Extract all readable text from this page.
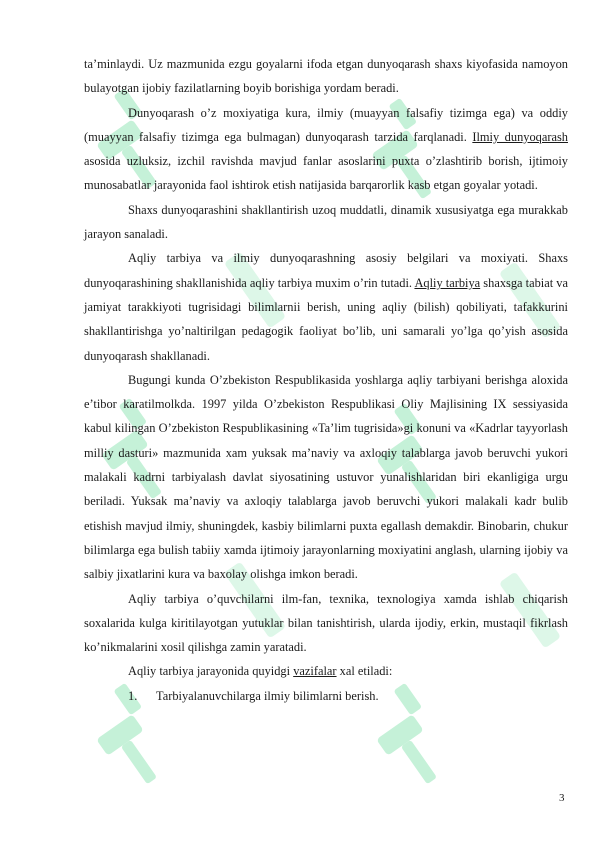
ta’minlaydi. Uz mazmunida ezgu goyalarni ifoda etgan dunyoqarash shaxs kiyofasida namoyon bulayotgan ijobiy fazilatlarning boyib borishiga yordam beradi.

Dunyoqarash o’z moxiyatiga kura, ilmiy (muayyan falsafiy tizimga ega) va oddiy (muayyan falsafiy tizimga ega bulmagan) dunyoqarash tarzida farqlanadi. Ilmiy dunyoqarash asosida uzluksiz, izchil ravishda mavjud fanlar asoslarini puxta o’zlashtirib borish, ijtimoiy munosabatlar jarayonida faol ishtirok etish natijasida barqarorlik kasb etgan goyalar yotadi.

Shaxs dunyoqarashini shakllantirish uzoq muddatli, dinamik xususiyatga ega murakkab jarayon sanaladi.

Aqliy tarbiya va ilmiy dunyoqarashning asosiy belgilari va moxiyati. Shaxs dunyoqarashining shakllanishida aqliy tarbiya muxim o’rin tutadi. Aqliy tarbiya shaxsga tabiat va jamiyat tarakkiyoti tugrisidagi bilimlarnii berish, uning aqliy (bilish) qobiliyati, tafakkurini shakllantirishga yo’naltirilgan pedagogik faoliyat bo’lib, uni samarali yo’lga qo’yish asosida dunyoqarash shakllanadi.

Bugungi kunda O’zbekiston Respublikasida yoshlarga aqliy tarbiyani berishga aloxida e’tibor karatilmolkda. 1997 yilda O’zbekiston Respublikasi Oliy Majlisining IX sessiyasida kabul kilingan O’zbekiston Respublikasining «Ta’lim tugrisida»gi konuni va «Kadrlar tayyorlash milliy dasturi» mazmunida xam yuksak ma’naviy va axloqiy talablarga javob beruvchi yukori malakali kadrni tarbiyalash davlat siyosatining ustuvor yunalishlaridan biri ekanligiga urgu beriladi. Yuksak ma’naviy va axloqiy talablarga javob beruvchi yukori malakali kadr bulib etishish mavjud ilmiy, shuningdek, kasbiy bilimlarni puxta egallash demakdir. Binobarin, chukur bilimlarga ega bulish tabiiy xamda ijtimoiy jarayonlarning moxiyatini anglash, ularning ijobiy va salbiy jixatlarini kura va baxolay olishga imkon beradi.

Aqliy tarbiya o’quvchilarni ilm-fan, texnika, texnologiya xamda ishlab chiqarish soxalarida kulga kiritilayotgan yutuklar bilan tanishtirish, ularda ijodiy, erkin, mustaqil fikrlash ko’nikmalarini xosil qilishga zamin yaratadi.

Aqliy tarbiya jarayonida quyidgi vazifalar xal etiladi:

1. Tarbiyalanuvchilarga ilmiy bilimlarni berish.

3
